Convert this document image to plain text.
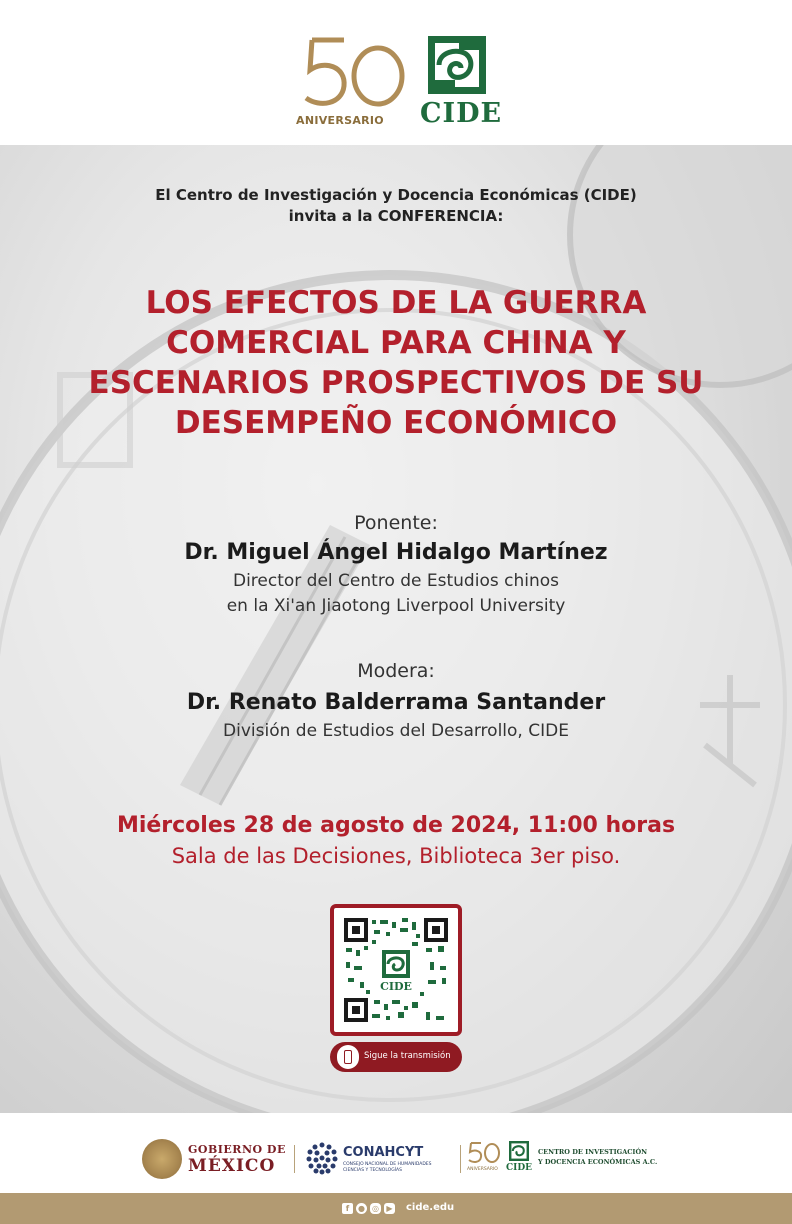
ANIVERSARIO	CIDE
El Centro de Investigación y Docencia Económicas (CIDE)
invita a la CONFERENCIA:
LOS EFECTOS DE LA GUERRA
COMERCIAL PARA CHINA Y
ESCENARIOS PROSPECTIVOS DE SU
DESEMPEÑO ECONÓMICO
Ponente:
Dr. Miguel Ángel Hidalgo Martínez
Director del Centro de Estudios chinos
en la Xi'an Jiaotong Liverpool University
Modera:
Dr. Renato Balderrama Santander
División de Estudios del Desarrollo, CIDE
Miércoles 28 de agosto de 2024, 11:00 horas
Sala de las Decisiones, Biblioteca 3er piso.
CIDE
Sigue la transmisión
GOBIERNO DE
MÉXICO
CONAHCYT
CONSEJO NACIONAL DE HUMANIDADES CIENCIAS Y TECNOLOGÍAS	ANIVERSARIO CIDE
CENTRO DE INVESTIGACIÓN
Y DOCENCIA ECONÓMICAS A.C.
f	● ◎ ▶ cide.edu
